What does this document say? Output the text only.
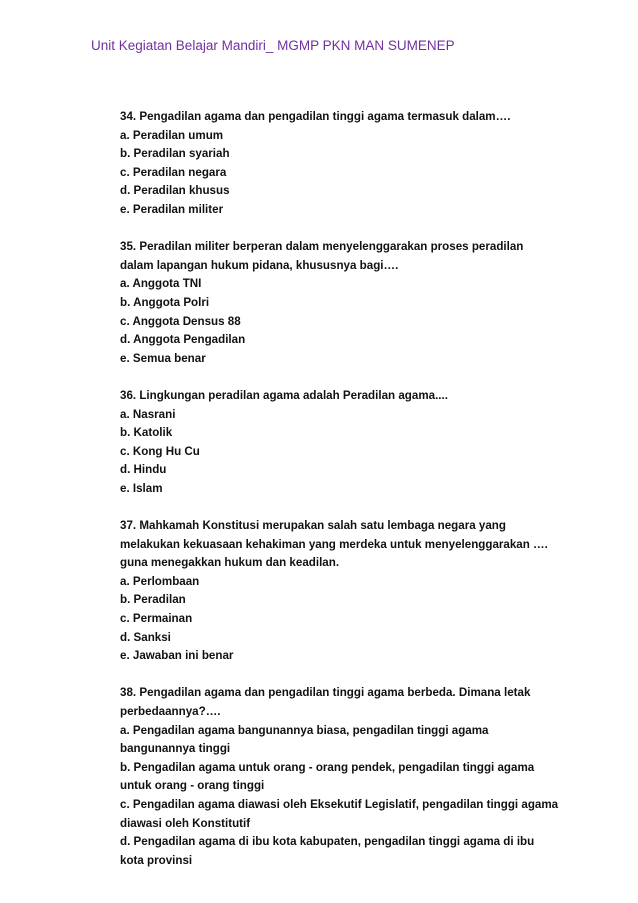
Unit Kegiatan Belajar Mandiri_ MGMP PKN MAN SUMENEP
34. Pengadilan agama dan pengadilan tinggi agama termasuk dalam….
a. Peradilan umum
b. Peradilan syariah
c. Peradilan negara
d. Peradilan khusus
e. Peradilan militer
35. Peradilan militer berperan dalam menyelenggarakan proses peradilan dalam lapangan hukum pidana, khususnya bagi….
a. Anggota TNI
b. Anggota Polri
c. Anggota Densus 88
d. Anggota Pengadilan
e. Semua benar
36. Lingkungan peradilan agama adalah Peradilan agama....
a. Nasrani
b. Katolik
c. Kong Hu Cu
d. Hindu
e. Islam
37. Mahkamah Konstitusi merupakan salah satu lembaga negara yang melakukan kekuasaan kehakiman yang merdeka untuk menyelenggarakan …. guna menegakkan hukum dan keadilan.
a. Perlombaan
b. Peradilan
c. Permainan
d. Sanksi
e. Jawaban ini benar
38. Pengadilan agama dan pengadilan tinggi agama berbeda. Dimana letak perbedaannya?….
a. Pengadilan agama bangunannya biasa, pengadilan tinggi agama bangunannya tinggi
b. Pengadilan agama untuk orang - orang pendek, pengadilan tinggi agama untuk orang - orang tinggi
c. Pengadilan agama diawasi oleh Eksekutif Legislatif, pengadilan tinggi agama diawasi oleh Konstitutif
d. Pengadilan agama di ibu kota kabupaten, pengadilan tinggi agama di ibu kota provinsi
